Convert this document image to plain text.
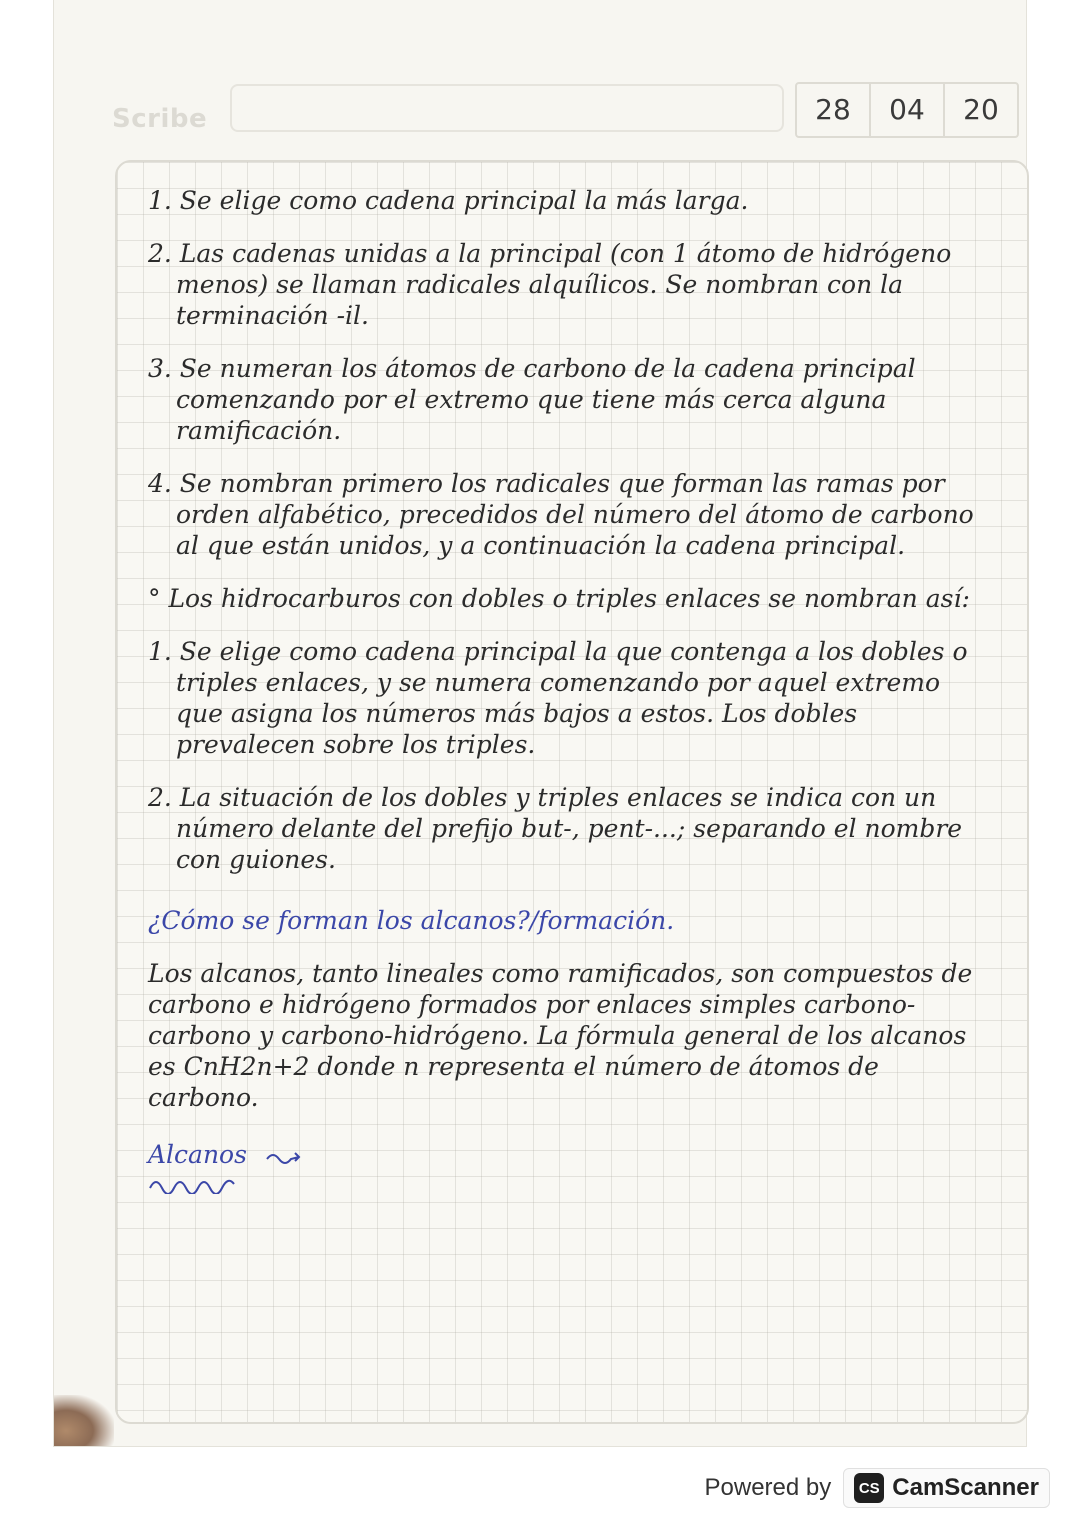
Scribe	28	04	20

1. Se elige como cadena principal la más larga.

2. Las cadenas unidas a la principal (con 1 átomo de hidrógeno menos) se llaman radicales alquílicos. Se nombran con la terminación -il.

3. Se numeran los átomos de carbono de la cadena principal comenzando por el extremo que tiene más cerca alguna ramificación.

4. Se nombran primero los radicales que forman las ramas por orden alfabético, precedidos del número del átomo de carbono al que están unidos, y a continuación la cadena principal.

° Los hidrocarburos con dobles o triples enlaces se nombran así:

1. Se elige como cadena principal la que contenga a los dobles o triples enlaces, y se numera comenzando por aquel extremo que asigna los números más bajos a estos. Los dobles prevalecen sobre los triples.

2. La situación de los dobles y triples enlaces se indica con un número delante del prefijo but-, pent-...; separando el nombre con guiones.

¿Cómo se forman los alcanos?/formación.

Los alcanos, tanto lineales como ramificados, son compuestos de carbono e hidrógeno formados por enlaces simples carbono-carbono y carbono-hidrógeno. La fórmula general de los alcanos es CnH2n+2 donde n representa el número de átomos de carbono.

Alcanos
Powered by	CS CamScanner
